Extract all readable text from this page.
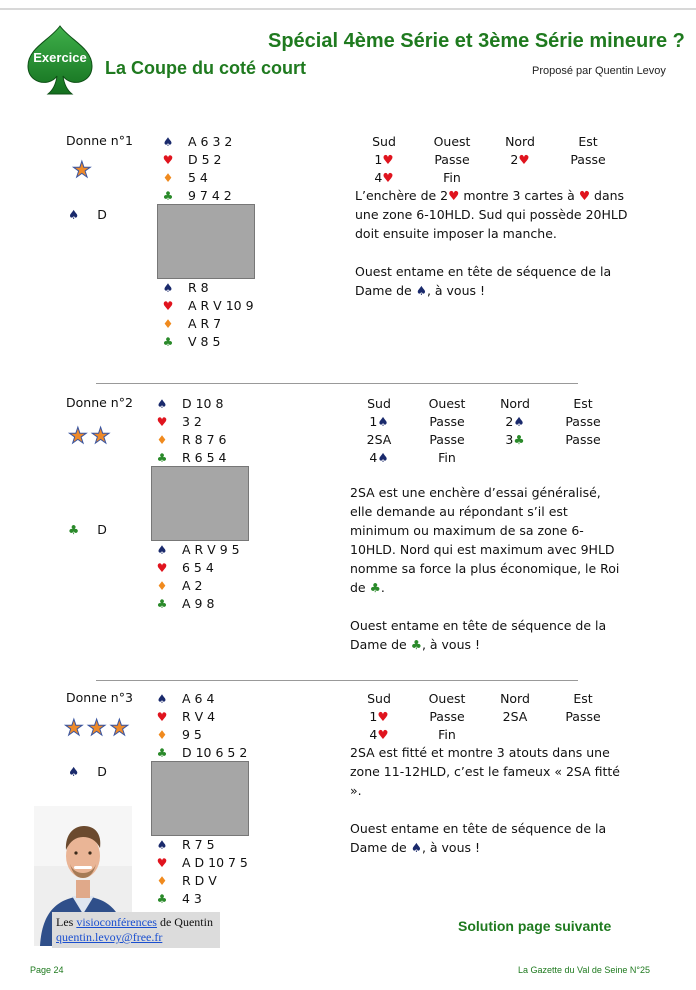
Exercice
Spécial 4ème Série et 3ème Série mineure ?
La Coupe du coté court	Proposé par Quentin Levoy
Donne n°1
★
♠ D
♠ A 6 3 2
♥ D 5 2
♦ 5 4
♣ 9 7 4 2
♠ R 8
♥ A R V 10 9
♦ A R 7
♣ V 8 5
Sud	Ouest	Nord	Est
1♥	Passe	2♥	Passe
4♥	Fin

L’enchère de 2♥ montre 3 cartes à ♥ dans une zone 6-10HLD. Sud qui possède 20HLD doit ensuite imposer la manche.

Ouest entame en tête de séquence de la Dame de ♠, à vous !

Donne n°2
★★
♣ D
♠ D 10 8
♥ 3 2
♦ R 8 7 6
♣ R 6 5 4
♠ A R V 9 5
♥ 6 5 4
♦ A 2
♣ A 9 8
Sud	Ouest	Nord	Est
1♠	Passe	2♠	Passe
2SA	Passe	3♣	Passe
4♠	Fin

2SA est une enchère d’essai généralisé, elle demande au répondant s’il est minimum ou maximum de sa zone 6-10HLD. Nord qui est maximum avec 9HLD nomme sa force la plus économique, le Roi de ♣.

Ouest entame en tête de séquence de la Dame de ♣, à vous !

Donne n°3
★★★
♠ D
♠ A 6 4
♥ R V 4
♦ 9 5
♣ D 10 6 5 2
♠ R 7 5
♥ A D 10 7 5
♦ R D V
♣ 4 3
Sud	Ouest	Nord	Est
1♥	Passe	2SA	Passe
4♥	Fin

2SA est fitté et montre 3 atouts dans une zone 11-12HLD, c’est le fameux « 2SA fitté ».

Ouest entame en tête de séquence de la Dame de ♠, à vous !

Les visioconférences de Quentin
quentin.levoy@free.fr
Solution page suivante
Page 24	La Gazette du Val de Seine N°25
